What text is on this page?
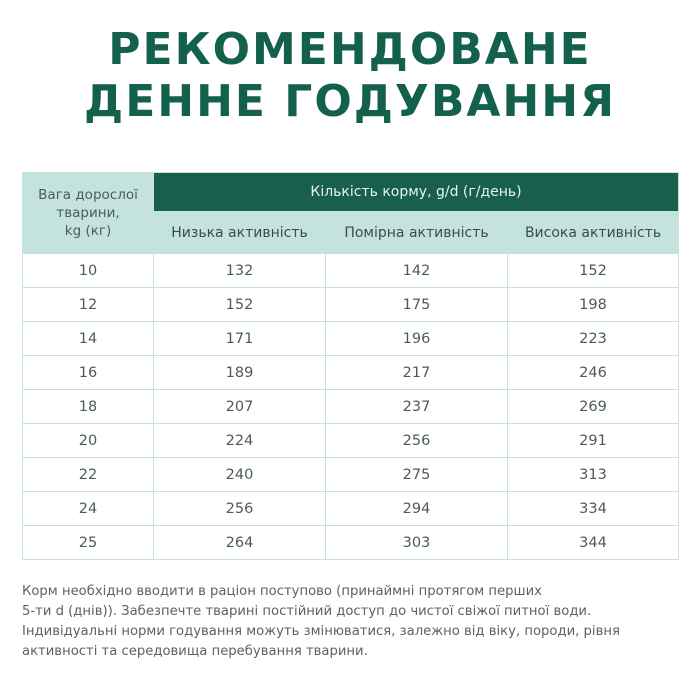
РЕКОМЕНДОВАНЕ
ДЕННЕ ГОДУВАННЯ
Вага дорослої
тварини,
kg (кг)	Кількість корму, g/d (г/день)		
	Низька активність	Помірна активність	Висока активність
10	132	142	152
12	152	175	198
14	171	196	223
16	189	217	246
18	207	237	269
20	224	256	291
22	240	275	313
24	256	294	334
25	264	303	344

Корм необхідно вводити в раціон поступово (принаймні протягом перших
5-ти d (днів)). Забезпечте тварині постійний доступ до чистої свіжої питної води.
Індивідуальні норми годування можуть змінюватися, залежно від віку, породи, рівня
активності та середовища перебування тварини.
